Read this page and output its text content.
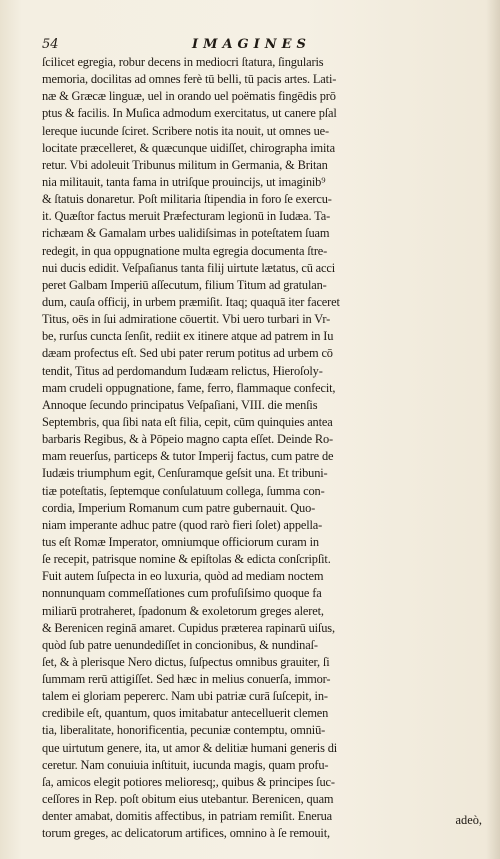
54	IMAGINES
ſcilicet egregia, robur decens in mediocri ſtatura, ſingularis
memoria, docilitas ad omnes ferè tū belli, tū pacis artes. Lati-
næ & Græcæ linguæ, uel in orando uel poëmatis fingēdis prō
ptus & facilis. In Muſica admodum exercitatus, ut canere pſal
lereque iucunde ſciret. Scribere notis ita nouit, ut omnes ue-
locitate præcelleret, & quæcunque uidiſſet, chirographa imita
retur. Vbi adoleuit Tribunus militum in Germania, & Britan
nia militauit, tanta fama in utriſque prouincijs, ut imaginib⁹
& ſtatuis donaretur. Poſt militaria ſtipendia in foro ſe exercu-
it. Quæſtor factus meruit Præfecturam legionū in Iudæa. Ta-
richæam & Gamalam urbes ualidiſsimas in poteſtatem ſuam
redegit, in qua oppugnatione multa egregia documenta ſtre-
nui ducis edidit. Veſpaſianus tanta filij uirtute lætatus, cū acci
peret Galbam Imperiū aſſecutum, filium Titum ad gratulan-
dum, cauſa officij, in urbem præmiſit. Itaq; quaquā iter faceret
Titus, oēs in ſui admiratione cōuertit. Vbi uero turbari in Vr-
be, rurſus cuncta ſenſit, rediit ex itinere atque ad patrem in Iu
dæam profectus eſt. Sed ubi pater rerum potitus ad urbem cō
tendit, Titus ad perdomandum Iudæam relictus, Hieroſoly-
mam crudeli oppugnatione, fame, ferro, flammaque confecit,
Annoque ſecundo principatus Veſpaſiani, VIII. die menſis
Septembris, qua ſibi nata eſt filia, cepit, cūm quinquies antea
barbaris Regibus, & à Pōpeio magno capta eſſet. Deinde Ro-
mam reuerſus, particeps & tutor Imperij factus, cum patre de
Iudæis triumphum egit, Cenſuramque geſsit una. Et tribuni-
tiæ poteſtatis, ſeptemque conſulatuum collega, ſumma con-
cordia, Imperium Romanum cum patre gubernauit. Quo-
niam imperante adhuc patre (quod rarò fieri ſolet) appella-
tus eſt Romæ Imperator, omniumque officiorum curam in
ſe recepit, patrisque nomine & epiſtolas & edicta conſcripſit.
Fuit autem ſuſpecta in eo luxuria, quòd ad mediam noctem
nonnunquam commeſſationes cum profuſiſsimo quoque fa
miliarū protraheret, ſpadonum & exoletorum greges aleret,
& Berenicen reginā amaret. Cupidus præterea rapinarū uiſus,
quòd ſub patre uenundediſſet in concionibus, & nundinaſ-
ſet, & à plerisque Nero dictus, ſuſpectus omnibus grauiter, ſi
ſummam rerū attigiſſet. Sed hæc in melius conuerſa, immor-
talem ei gloriam pepererc. Nam ubi patriæ curā ſuſcepit, in-
credibile eſt, quantum, quos imitabatur antecelluerit clemen
tia, liberalitate, honorificentia, pecuniæ contemptu, omniū-
que uirtutum genere, ita, ut amor & delitiæ humani generis di
ceretur. Nam conuiuia inſtituit, iucunda magis, quam profu-
ſa, amicos elegit potiores melioresq;, quibus & principes ſuc-
ceſſores in Rep. poſt obitum eius utebantur. Berenicen, quam
denter amabat, domitis affectibus, in patriam remiſit. Enerua
torum greges, ac delicatorum artifices, omnino à ſe remouit,
adeò,
